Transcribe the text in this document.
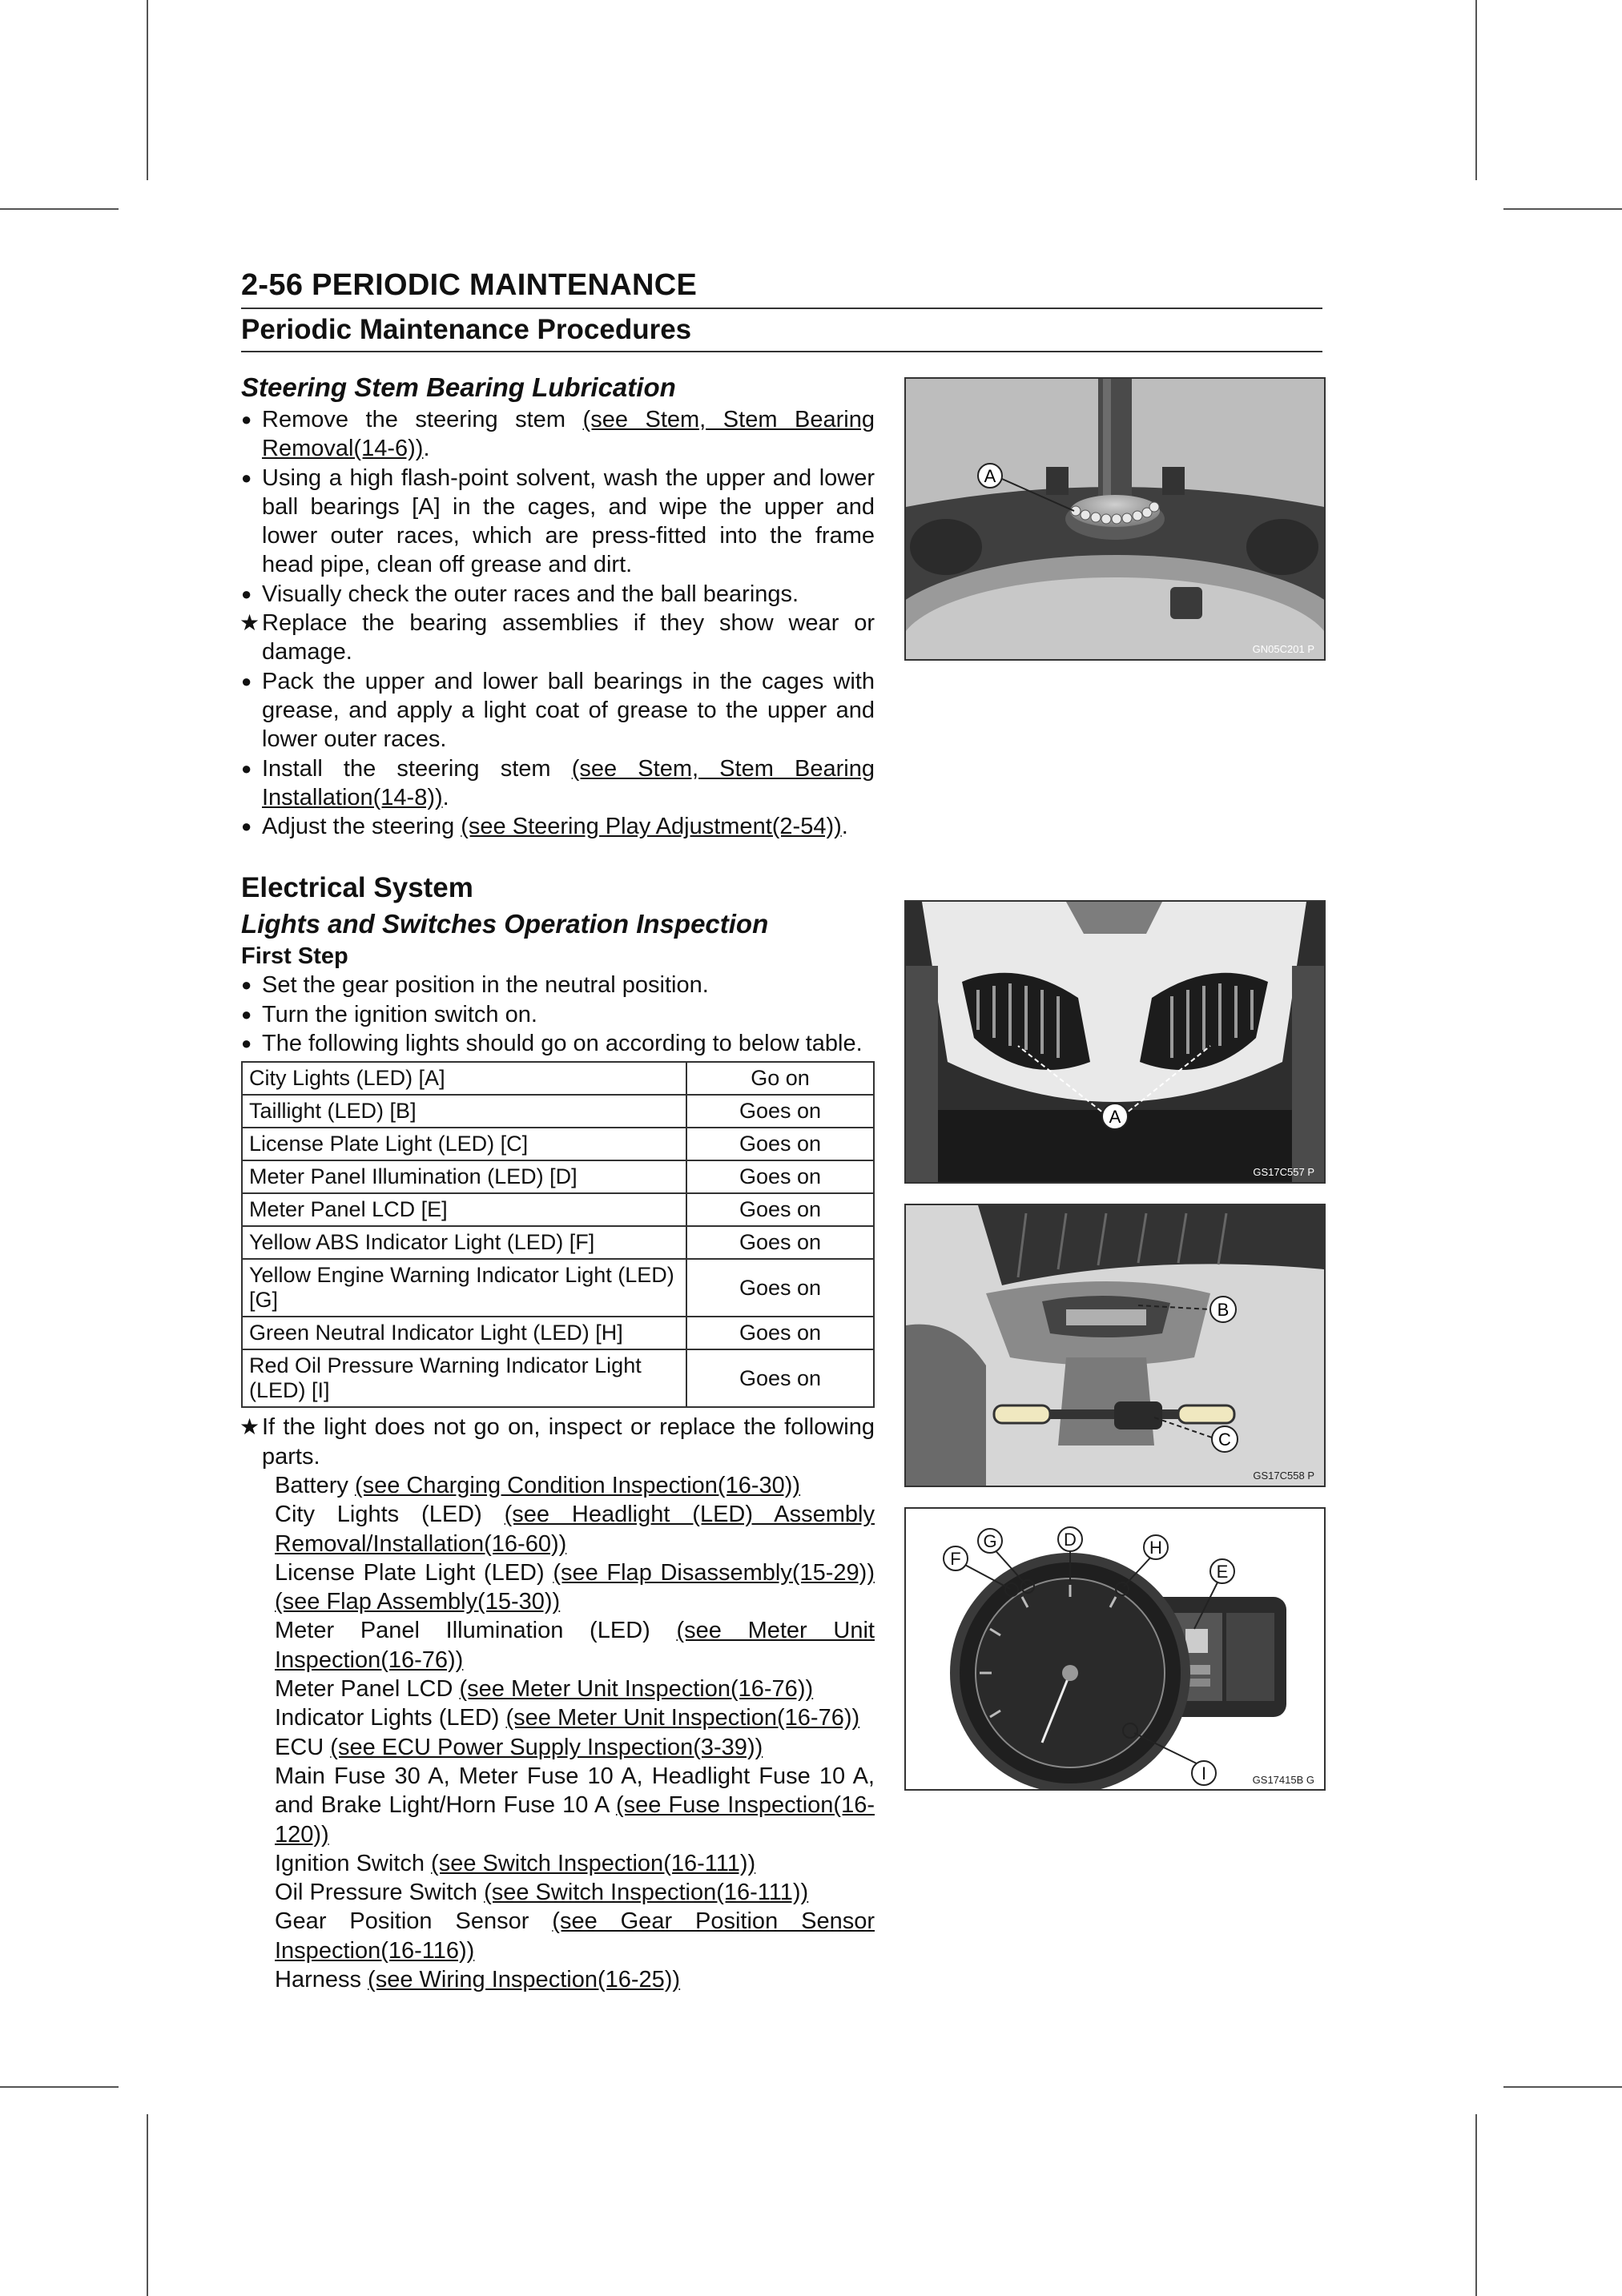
2-56 PERIODIC MAINTENANCE
Periodic Maintenance Procedures
Steering Stem Bearing Lubrication
● Remove the steering stem (see Stem, Stem Bearing Removal(14-6)).
● Using a high flash-point solvent, wash the upper and lower ball bearings [A] in the cages, and wipe the upper and lower outer races, which are press-fitted into the frame head pipe, clean off grease and dirt.
● Visually check the outer races and the ball bearings.
★ Replace the bearing assemblies if they show wear or damage.
● Pack the upper and lower ball bearings in the cages with grease, and apply a light coat of grease to the upper and lower outer races.
● Install the steering stem (see Stem, Stem Bearing Installation(14-8)).
● Adjust the steering (see Steering Play Adjustment(2-54)).
Electrical System
Lights and Switches Operation Inspection
First Step
● Set the gear position in the neutral position.
● Turn the ignition switch on.
● The following lights should go on according to below table.
City Lights (LED) [A]	Go on
Taillight (LED) [B]	Goes on
License Plate Light (LED) [C]	Goes on
Meter Panel Illumination (LED) [D]	Goes on
Meter Panel LCD [E]	Goes on
Yellow ABS Indicator Light (LED) [F]	Goes on
Yellow Engine Warning Indicator Light (LED) [G]	Goes on
Green Neutral Indicator Light (LED) [H]	Goes on
Red Oil Pressure Warning Indicator Light (LED) [I]	Goes on
★ If the light does not go on, inspect or replace the following parts.
Battery (see Charging Condition Inspection(16-30))
City Lights (LED) (see Headlight (LED) Assembly Removal/Installation(16-60))
License Plate Light (LED) (see Flap Disassembly(15-29)) (see Flap Assembly(15-30))
Meter Panel Illumination (LED) (see Meter Unit Inspection(16-76))
Meter Panel LCD (see Meter Unit Inspection(16-76))
Indicator Lights (LED) (see Meter Unit Inspection(16-76))
ECU (see ECU Power Supply Inspection(3-39))
Main Fuse 30 A, Meter Fuse 10 A, Headlight Fuse 10 A, and Brake Light/Horn Fuse 10 A (see Fuse Inspection(16-120))
Ignition Switch (see Switch Inspection(16-111))
Oil Pressure Switch (see Switch Inspection(16-111))
Gear Position Sensor (see Gear Position Sensor Inspection(16-116))
Harness (see Wiring Inspection(16-25))
A
GN05C201 P
A
GS17C557 P
B
C
GS17C558 P
F
G	D	H
E
I	GS17415B G
